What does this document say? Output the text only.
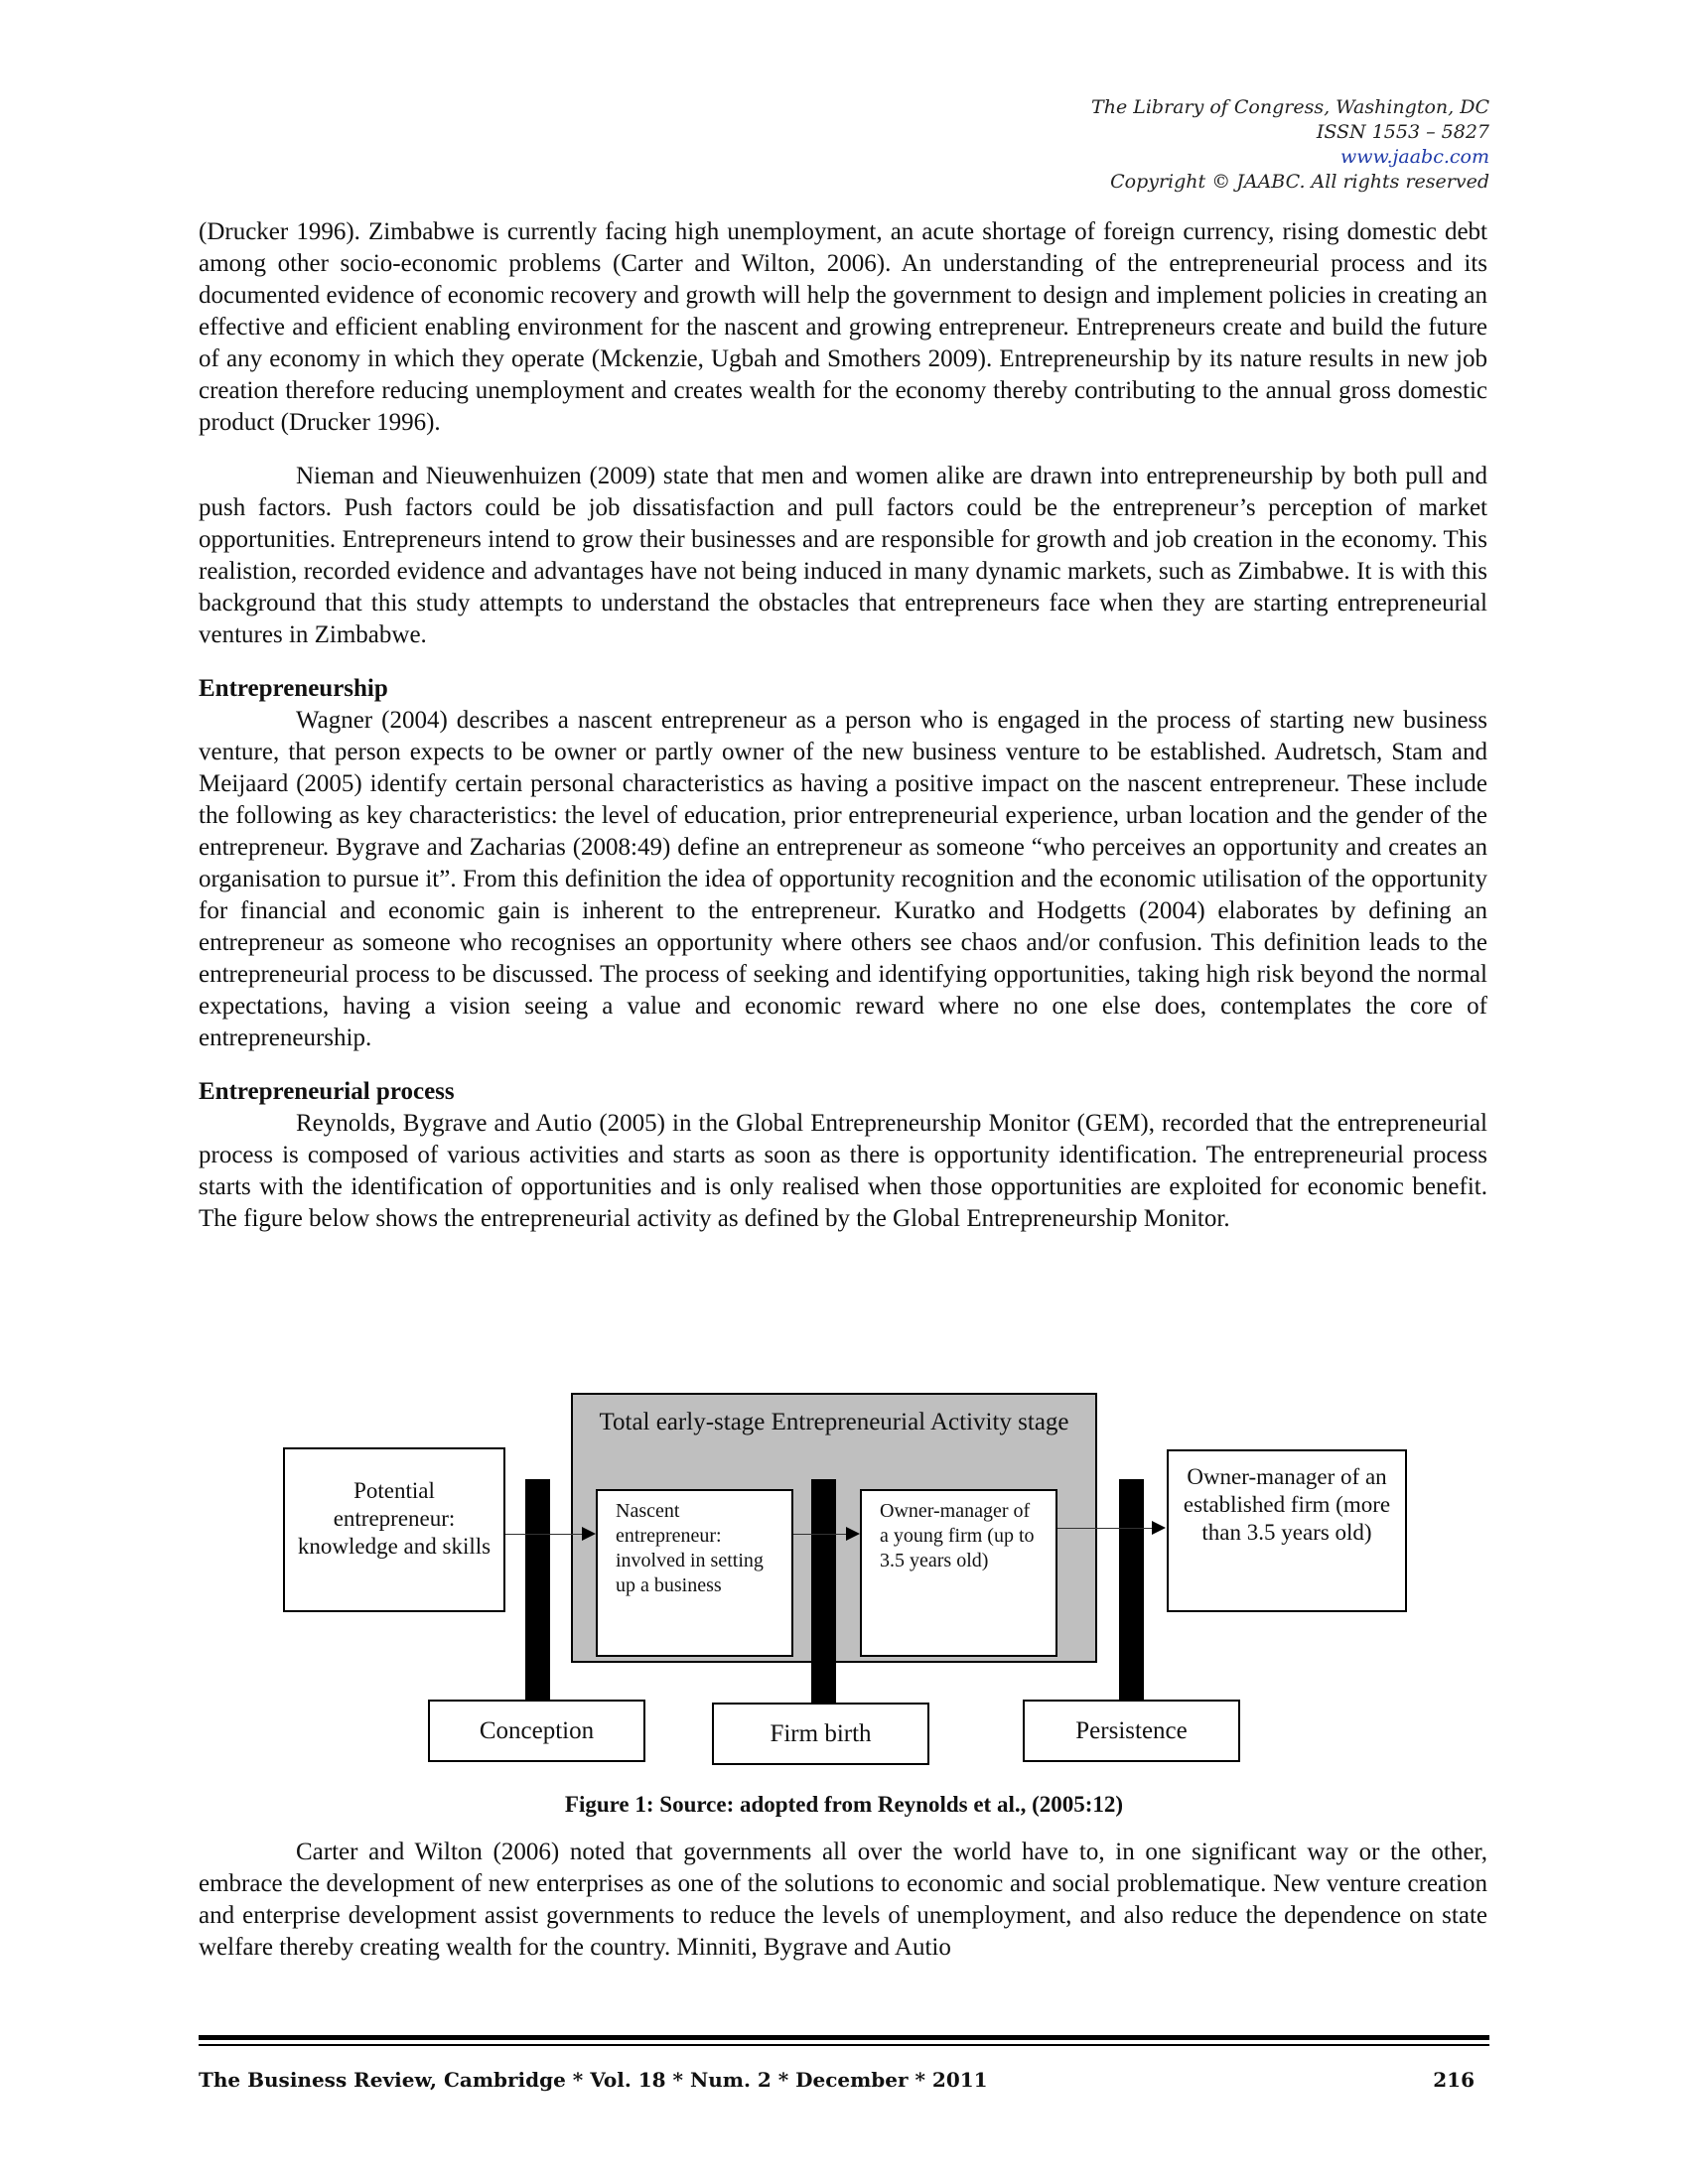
The Library of Congress, Washington, DC
ISSN 1553 – 5827
www.jaabc.com
Copyright © JAABC. All rights reserved

(Drucker 1996). Zimbabwe is currently facing high unemployment, an acute shortage of foreign currency, rising domestic debt among other socio-economic problems (Carter and Wilton, 2006). An understanding of the entrepreneurial process and its documented evidence of economic recovery and growth will help the government to design and implement policies in creating an effective and efficient enabling environment for the nascent and growing entrepreneur. Entrepreneurs create and build the future of any economy in which they operate (Mckenzie, Ugbah and Smothers 2009). Entrepreneurship by its nature results in new job creation therefore reducing unemployment and creates wealth for the economy thereby contributing to the annual gross domestic product (Drucker 1996).

Nieman and Nieuwenhuizen (2009) state that men and women alike are drawn into entrepreneurship by both pull and push factors. Push factors could be job dissatisfaction and pull factors could be the entrepreneur’s perception of market opportunities. Entrepreneurs intend to grow their businesses and are responsible for growth and job creation in the economy. This realistion, recorded evidence and advantages have not being induced in many dynamic markets, such as Zimbabwe. It is with this background that this study attempts to understand the obstacles that entrepreneurs face when they are starting entrepreneurial ventures in Zimbabwe.

Entrepreneurship

Wagner (2004) describes a nascent entrepreneur as a person who is engaged in the process of starting new business venture, that person expects to be owner or partly owner of the new business venture to be established. Audretsch, Stam and Meijaard (2005) identify certain personal characteristics as having a positive impact on the nascent entrepreneur. These include the following as key characteristics: the level of education, prior entrepreneurial experience, urban location and the gender of the entrepreneur. Bygrave and Zacharias (2008:49) define an entrepreneur as someone “who perceives an opportunity and creates an organisation to pursue it”. From this definition the idea of opportunity recognition and the economic utilisation of the opportunity for financial and economic gain is inherent to the entrepreneur. Kuratko and Hodgetts (2004) elaborates by defining an entrepreneur as someone who recognises an opportunity where others see chaos and/or confusion. This definition leads to the entrepreneurial process to be discussed. The process of seeking and identifying opportunities, taking high risk beyond the normal expectations, having a vision seeing a value and economic reward where no one else does, contemplates the core of entrepreneurship.

Entrepreneurial process

Reynolds, Bygrave and Autio (2005) in the Global Entrepreneurship Monitor (GEM), recorded that the entrepreneurial process is composed of various activities and starts as soon as there is opportunity identification. The entrepreneurial process starts with the identification of opportunities and is only realised when those opportunities are exploited for economic benefit. The figure below shows the entrepreneurial activity as defined by the Global Entrepreneurship Monitor.

Total early-stage Entrepreneurial Activity stage
Potential entrepreneur: knowledge and skills
Nascent entrepreneur: involved in setting up a business
Owner-manager of a young firm (up to 3.5 years old)
Owner-manager of an established firm (more than 3.5 years old)
Conception	Firm birth	Persistence
Figure 1: Source: adopted from Reynolds et al., (2005:12)

Carter and Wilton (2006) noted that governments all over the world have to, in one significant way or the other, embrace the development of new enterprises as one of the solutions to economic and social problematique. New venture creation and enterprise development assist governments to reduce the levels of unemployment, and also reduce the dependence on state welfare thereby creating wealth for the country. Minniti, Bygrave and Autio

The Business Review, Cambridge * Vol. 18 * Num. 2 * December * 2011	216
